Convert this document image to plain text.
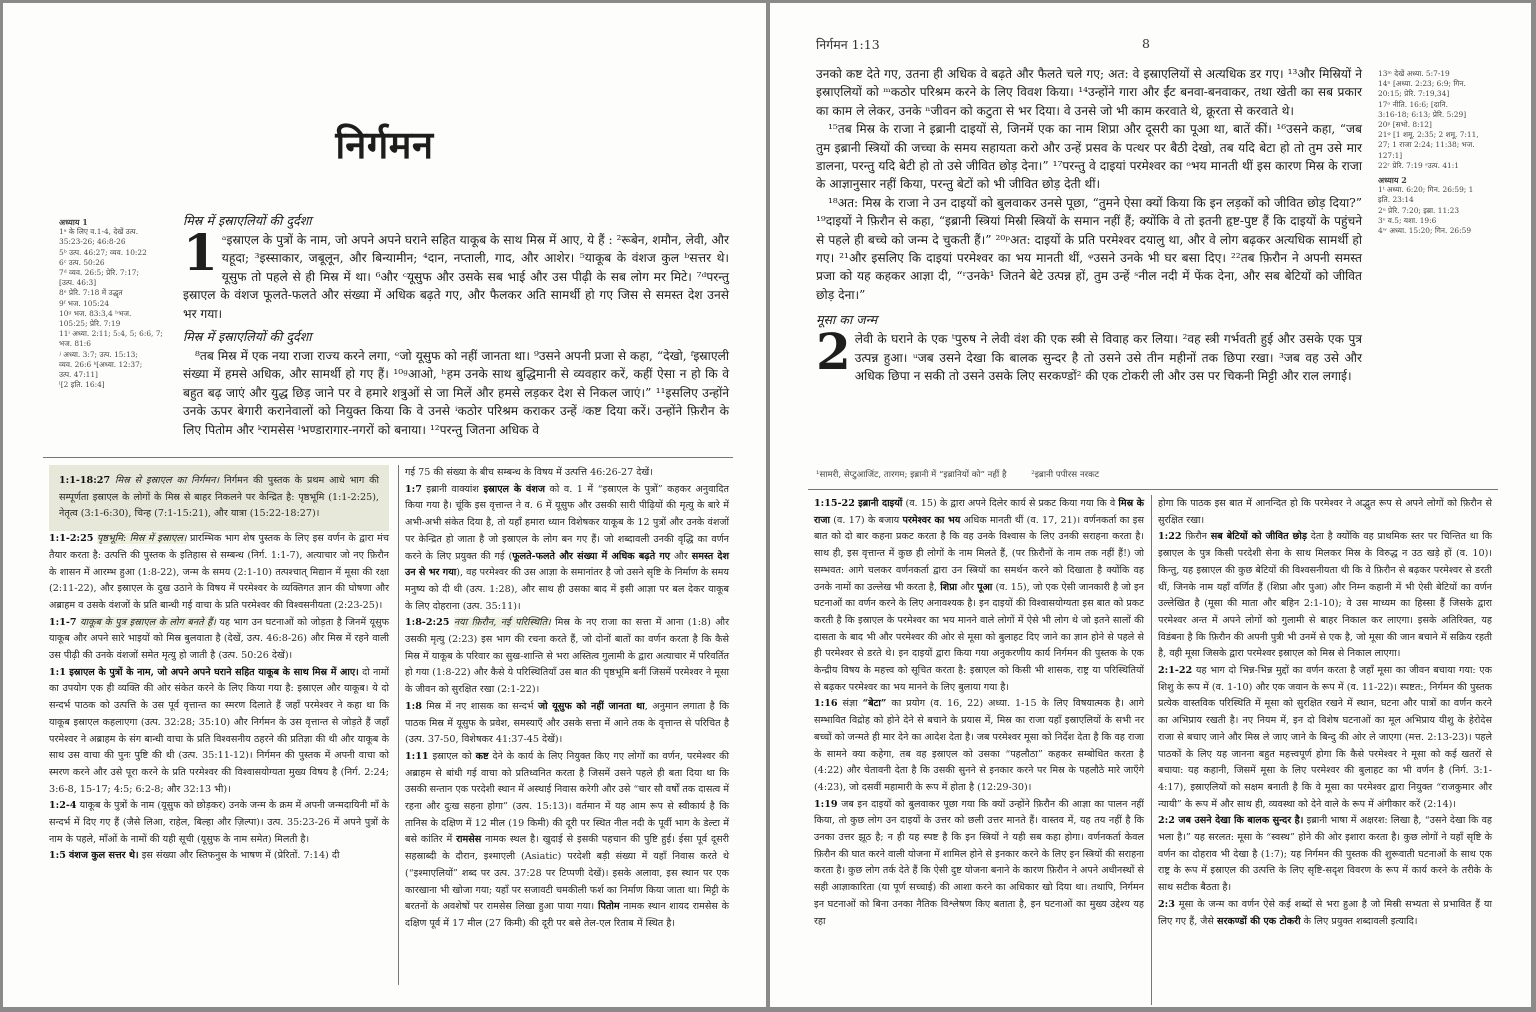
निर्गमन
अध्याय 1
1ᵃ के लिए व.1-4, देखें उत्प.
35:23-26; 46:8-26
5ᵇ उत्प. 46:27; व्यव. 10:22
6ᶜ उत्प. 50:26
7ᵈ व्यव. 26:5; प्रेरि. 7:17;
[उत्प. 46:3]
8ᵉ प्रेरि. 7:18 में उद्धृत
9ᶠ भज. 105:24
10ᵍ भज. 83:3,4 ʰभज.
105:25; प्रेरि. 7:19
11ⁱ अध्या. 2:11; 5:4, 5; 6:6, 7;
भज. 81:6
ʲ अध्या. 3:7; उत्प. 15:13;
व्यव. 26:6 ᵏ[अध्या. 12:37;
उत्प. 47:11]
ˡ[2 इति. 16:4]
मिस्र में इस्राएलियों की दुर्दशा

1 ᵃइस्राएल के पुत्रों के नाम, जो अपने अपने घराने सहित याकूब के साथ मिस्र में आए, ये हैं : ²रूबेन, शमौन, लेवी, और यहूदा; ³इस्साकार, जबूलून, और बिन्यामीन; ⁴दान, नप्ताली, गाद, और आशेर। ⁵याकूब के वंशज कुल ᵇसत्तर थे। यूसुफ तो पहले से ही मिस्र में था। ⁶और ᶜयूसुफ और उसके सब भाई और उस पीढ़ी के सब लोग मर मिटे। ⁷ᵈपरन्तु इस्राएल के वंशज फूलते-फलते और संख्या में अधिक बढ़ते गए, और फैलकर अति सामर्थी हो गए जिस से समस्त देश उनसे भर गया।

मिस्र में इस्राएलियों की दुर्दशा

⁸तब मिस्र में एक नया राजा राज्य करने लगा, ᵉजो यूसुफ को नहीं जानता था। ⁹उसने अपनी प्रजा से कहा, “देखो, ᶠइस्राएली संख्या में हमसे अधिक, और सामर्थी हो गए हैं। ¹⁰ᵍआओ, ʰहम उनके साथ बुद्धिमानी से व्यवहार करें, कहीं ऐसा न हो कि वे बहुत बढ़ जाएं और युद्ध छिड़ जाने पर वे हमारे शत्रुओं से जा मिलें और हमसे लड़कर देश से निकल जाएं।” ¹¹इसलिए उन्होंने उनके ऊपर बेगारी करानेवालों को नियुक्त किया कि वे उनसे ⁱकठोर परिश्रम कराकर उन्हें ʲकष्ट दिया करें। उन्होंने फ़िरौन के लिए पितोम और ᵏरामसेस ˡभण्डारागार-नगरों को बनाया। ¹²परन्तु जितना अधिक वे

1:1-18:27 मिस्र से इस्राएल का निर्गमन। निर्गमन की पुस्तक के प्रथम आधे भाग की सम्पूर्णता इस्राएल के लोगों के मिस्र से बाहर निकलने पर केन्द्रित है: पृष्ठभूमि (1:1-2:25), नेतृत्व (3:1-6:30), चिन्ह (7:1-15:21), और यात्रा (15:22-18:27)।

1:1-2:25 पृष्ठभूमि: मिस्र में इस्राएल। प्रारम्भिक भाग शेष पुस्तक के लिए इस वर्णन के द्वारा मंच तैयार करता है: उत्पत्ति की पुस्तक के इतिहास से सम्बन्ध (निर्ग. 1:1-7), अत्याचार जो नए फ़िरौन के शासन में आरम्भ हुआ (1:8-22), जन्म के समय (2:1-10) तत्पश्चात् मिद्यान में मूसा की रक्षा (2:11-22), और इस्राएल के दुख उठाने के विषय में परमेश्वर के व्यक्तिगत ज्ञान की घोषणा और अब्राहम व उसके वंशजों के प्रति बान्धी गई वाचा के प्रति परमेश्वर की विश्वसनीयता (2:23-25)।

1:1-7 याकूब के पुत्र इस्राएल के लोग बनते हैं। यह भाग उन घटनाओं को जोड़ता है जिनमें यूसुफ याकूब और अपने सारे भाइयों को मिस्र बुलवाता है (देखें, उत्प. 46:8-26) और मिस्र में रहने वाली उस पीढ़ी की उनके वंशजों समेत मृत्यु हो जाती है (उत्प. 50:26 देखें)।

1:1 इस्राएल के पुत्रों के नाम, जो अपने अपने घराने सहित याकूब के साथ मिस्र में आए। दो नामों का उपयोग एक ही व्यक्ति की ओर संकेत करने के लिए किया गया है: इस्राएल और याकूब। ये दो सन्दर्भ पाठक को उत्पत्ति के उस पूर्व वृत्तान्त का स्मरण दिलाते हैं जहाँ परमेश्वर ने कहा था कि याकूब इस्राएल कहलाएगा (उत्प. 32:28; 35:10) और निर्गमन के उस वृत्तान्त से जोड़ते हैं जहाँ परमेश्वर ने अब्राहम के संग बान्धी वाचा के प्रति विश्वसनीय ठहरने की प्रतिज्ञा की थी और याकूब के साथ उस वाचा की पुनः पुष्टि की थी (उत्प. 35:11-12)। निर्गमन की पुस्तक में अपनी वाचा को स्मरण करने और उसे पूरा करने के प्रति परमेश्वर की विश्वासयोग्यता मुख्य विषय है (निर्ग. 2:24; 3:6-8, 15-17; 4:5; 6:2-8; और 32:13 भी)।

1:2-4 याकूब के पुत्रों के नाम (यूसुफ को छोड़कर) उनके जन्म के क्रम में अपनी जन्मदायिनी माँ के सन्दर्भ में दिए गए हैं (जैसे लिआ, राहेल, बिल्हा और ज़िल्पा)। उत्प. 35:23-26 में अपने पुत्रों के नाम के पहले, माँओं के नामों की यही सूची (यूसुफ के नाम समेत) मिलती है।

1:5 वंशज कुल सत्तर थे। इस संख्या और स्तिफनुस के भाषण में (प्रेरितों. 7:14) दी

गई 75 की संख्या के बीच सम्बन्ध के विषय में उत्पत्ति 46:26-27 देखें।

1:7 इब्रानी वाक्यांश इस्राएल के वंशज को व. 1 में “इस्राएल के पुत्रों” कहकर अनुवादित किया गया है। चूंकि इस वृत्तान्त ने व. 6 में यूसुफ और उसकी सारी पीढ़ियों की मृत्यु के बारे में अभी-अभी संकेत दिया है, तो यहाँ हमारा ध्यान विशेषकर याकूब के 12 पुत्रों और उनके वंशजों पर केन्द्रित हो जाता है जो इस्राएल के लोग बन गए हैं। जो शब्दावली उनकी वृद्धि का वर्णन करने के लिए प्रयुक्त की गई (फूलते-फलते और संख्या में अधिक बढ़ते गए और समस्त देश उन से भर गया), वह परमेश्वर की उस आज्ञा के समानांतर है जो उसने सृष्टि के निर्माण के समय मनुष्य को दी थी (उत्प. 1:28), और साथ ही उसका बाद में इसी आज्ञा पर बल देकर याकूब के लिए दोहराना (उत्प. 35:11)।

1:8-2:25 नया फ़िरौन, नई परिस्थिति। मिस्र के नए राजा का सत्ता में आना (1:8) और उसकी मृत्यु (2:23) इस भाग की रचना करते हैं, जो दोनों बातों का वर्णन करता है कि कैसे मिस्र में याकूब के परिवार का सुख-शान्ति से भरा अस्तित्व गुलामी के द्वारा अत्याचार में परिवर्तित हो गया (1:8-22) और कैसे ये परिस्थितियाँ उस बात की पृष्ठभूमि बनीं जिसमें परमेश्वर ने मूसा के जीवन को सुरक्षित रखा (2:1-22)।

1:8 मिस्र में नए शासक का सन्दर्भ जो यूसुफ को नहीं जानता था, अनुमान लगाता है कि पाठक मिस्र में यूसुफ के प्रवेश, समस्याएँ और उसके सत्ता में आने तक के वृत्तान्त से परिचित है (उत्प. 37-50, विशेषकर 41:37-45 देखें)।

1:11 इस्राएल को कष्ट देने के कार्य के लिए नियुक्त किए गए लोगों का वर्णन, परमेश्वर की अब्राहम से बांधी गई वाचा को प्रतिध्वनित करता है जिसमें उसने पहले ही बता दिया था कि उसकी सन्तान एक परदेशी स्थान में अस्थाई निवास करेगी और उसे “चार सौ वर्षों तक दासत्व में रहना और दुःख सहना होगा” (उत्प. 15:13)। वर्तमान में यह आम रूप से स्वीकार्य है कि तानिस के दक्षिण में 12 मील (19 किमी) की दूरी पर स्थित नील नदी के पूर्वी भाग के डेल्टा में बसे कांतिर में रामसेस नामक स्थल है। खुदाई से इसकी पहचान की पुष्टि हुई। ईसा पूर्व दूसरी सहस्राब्दी के दौरान, इश्माएली (Asiatic) परदेशी बड़ी संख्या में यहाँ निवास करते थे (“इश्माएलियों” शब्द पर उत्प. 37:28 पर टिप्पणी देखें)। इसके अलावा, इस स्थान पर एक कारखाना भी खोजा गया; यहाँ पर सजावटी चमकीली फर्श का निर्माण किया जाता था। मिट्टी के बरतनों के अवशेषों पर रामसेस लिखा हुआ पाया गया। पितोम नामक स्थान शायद रामसेस के दक्षिण पूर्व में 17 मील (27 किमी) की दूरी पर बसे तेल-एल रिताब में स्थित है।

निर्गमन 1:13	8

उनको कष्ट देते गए, उतना ही अधिक वे बढ़ते और फैलते चले गए; अत: वे इस्राएलियों से अत्यधिक डर गए। ¹³और मिस्रियों ने इस्राएलियों को ᵐकठोर परिश्रम करने के लिए विवश किया। ¹⁴उन्होंने गारा और ईंट बनवा-बनवाकर, तथा खेती का सब प्रकार का काम ले लेकर, उनके ⁿजीवन को कटुता से भर दिया। वे उनसे जो भी काम करवाते थे, क्रूरता से करवाते थे।

¹⁵तब मिस्र के राजा ने इब्रानी दाइयों से, जिनमें एक का नाम शिप्रा और दूसरी का पूआ था, बातें कीं। ¹⁶उसने कहा, “जब तुम इब्रानी स्त्रियों की जच्चा के समय सहायता करो और उन्हें प्रसव के पत्थर पर बैठी देखो, तब यदि बेटा हो तो तुम उसे मार डालना, परन्तु यदि बेटी हो तो उसे जीवित छोड़ देना।” ¹⁷परन्तु वे दाइयां परमेश्वर का ᵒभय मानती थीं इस कारण मिस्र के राजा के आज्ञानुसार नहीं किया, परन्तु बेटों को भी जीवित छोड़ देती थीं।

¹⁸अत: मिस्र के राजा ने उन दाइयों को बुलवाकर उनसे पूछा, “तुमने ऐसा क्यों किया कि इन लड़कों को जीवित छोड़ दिया?” ¹⁹दाइयों ने फ़िरौन से कहा, “इब्रानी स्त्रियां मिस्री स्त्रियों के समान नहीं हैं; क्योंकि वे तो इतनी हृष्ट-पुष्ट हैं कि दाइयों के पहुंचने से पहले ही बच्चे को जन्म दे चुकती हैं।” ²⁰ᵖअत: दाइयों के प्रति परमेश्वर दयालु था, और वे लोग बढ़कर अत्यधिक सामर्थी हो गए। ²¹और इसलिए कि दाइयां परमेश्वर का भय मानती थीं, ᵠउसने उनके भी घर बसा दिए। ²²तब फ़िरौन ने अपनी समस्त प्रजा को यह कहकर आज्ञा दी, “ʳउनके¹ जितने बेटे उत्पन्न हों, तुम उन्हें ˢनील नदी में फेंक देना, और सब बेटियों को जीवित छोड़ देना।”

मूसा का जन्म

2 लेवी के घराने के एक ᵗपुरुष ने लेवी वंश की एक स्त्री से विवाह कर लिया। ²वह स्त्री गर्भवती हुई और उसके एक पुत्र उत्पन्न हुआ। ᵘजब उसने देखा कि बालक सुन्दर है तो उसने उसे तीन महीनों तक छिपा रखा। ³जब वह उसे और अधिक छिपा न सकी तो उसने उसके लिए सरकण्डों² की एक टोकरी ली और उस पर चिकनी मिट्टी और राल लगाई।

13ᵐ देखें अध्या. 5:7-19
14ⁿ [अध्या. 2:23; 6:9; गिन.
20:15; प्रेरि. 7:19,34]
17ᵒ नीति. 16:6; [दानि.
3:16-18; 6:13; प्रेरि. 5:29]
20ᵖ [सभो. 8:12]
21ᵠ [1 शमू. 2:35; 2 शमू. 7:11,
27; 1 राजा 2:24; 11:38; भज.
127:1]
22ʳ प्रेरि. 7:19 ˢउत्प. 41:1
अध्याय 2
1ᵗ अध्या. 6:20; गिन. 26:59; 1
इति. 23:14
2ᵘ प्रेरि. 7:20; इब्रा. 11:23
3ᵛ व.5; यशा. 19:6
4ʷ अध्या. 15:20; गिन. 26:59
¹सामरी, सेप्टुआजिंट, तारगम; इब्रानी में “इब्रानियों को” नहीं है	²इब्रानी पपीरस नरकट

1:15-22 इब्रानी दाइयों (व. 15) के द्वारा अपने दिलेर कार्य से प्रकट किया गया कि वे मिस्र के राजा (व. 17) के बजाय परमेश्वर का भय अधिक मानती थीं (व. 17, 21)। वर्णनकर्ता का इस बात को दो बार कहना प्रकट करता है कि वह उनके विश्वास के लिए उनकी सराहना करता है। साथ ही, इस वृत्तान्त में कुछ ही लोगों के नाम मिलते हैं, (पर फ़िरौनों के नाम तक नहीं हैं!) जो सम्भवत: आगे चलकर वर्णनकर्ता द्वारा उन स्त्रियों का समर्थन करने को दिखाता है क्योंकि वह उनके नामों का उल्लेख भी करता है, शिप्रा और पूआ (व. 15), जो एक ऐसी जानकारी है जो इन घटनाओं का वर्णन करने के लिए अनावश्यक है। इन दाइयों की विश्वासयोग्यता इस बात को प्रकट करती है कि इस्राएल के परमेश्वर का भय मानने वाले लोगों में ऐसे भी लोग थे जो इतने सालों की दासता के बाद भी और परमेश्वर की ओर से मूसा को बुलाहट दिए जाने का ज्ञान होने से पहले से ही परमेश्वर से डरते थे। इन दाइयों द्वारा किया गया अनुकरणीय कार्य निर्गमन की पुस्तक के एक केन्द्रीय विषय के महत्त्व को सूचित करता है: इस्राएल को किसी भी शासक, राष्ट्र या परिस्थितियों से बढ़कर परमेश्वर का भय मानने के लिए बुलाया गया है।

1:16 संज्ञा “बेटा” का प्रयोग (व. 16, 22) अध्या. 1-15 के लिए विषयात्मक है। आगे सम्भावित विद्रोह को होने देने से बचाने के प्रयास में, मिस्र का राजा यहाँ इस्राएलियों के सभी नर बच्चों को जन्मते ही मार देने का आदेश देता है। जब परमेश्वर मूसा को निर्देश देता है कि वह राजा के सामने क्या कहेगा, तब वह इस्राएल को उसका “पहलौठा” कहकर सम्बोधित करता है (4:22) और चेतावनी देता है कि उसकी सुनने से इनकार करने पर मिस्र के पहलौठे मारे जाएँगे (4:23), जो दसवीं महामारी के रूप में होता है (12:29-30)।

1:19 जब इन दाइयों को बुलवाकर पूछा गया कि क्यों उन्होंने फ़िरौन की आज्ञा का पालन नहीं किया, तो कुछ लोग उन दाइयों के उत्तर को छली उत्तर मानते हैं। वास्तव में, यह तय नहीं है कि उनका उत्तर झूठ है; न ही यह स्पष्ट है कि इन स्त्रियों ने यही सब कहा होगा। वर्णनकर्ता केवल फ़िरौन की घात करने वाली योजना में शामिल होने से इनकार करने के लिए इन स्त्रियों की सराहना करता है। कुछ लोग तर्क देते हैं कि ऐसी दुष्ट योजना बनाने के कारण फ़िरौन ने अपने अधीनस्थों से सही आज्ञाकारिता (या पूर्ण सच्चाई) की आशा करने का अधिकार खो दिया था। तथापि, निर्गमन इन घटनाओं को बिना उनका नैतिक विश्लेषण किए बताता है, इन घटनाओं का मुख्य उद्देश्य यह रहा

होगा कि पाठक इस बात में आनन्दित हो कि परमेश्वर ने अद्भुत रूप से अपने लोगों को फ़िरौन से सुरक्षित रखा।

1:22 फ़िरौन सब बेटियों को जीवित छोड़ देता है क्योंकि वह प्राथमिक स्तर पर चिन्तित था कि इस्राएल के पुत्र किसी परदेशी सेना के साथ मिलकर मिस्र के विरुद्ध न उठ खड़े हों (व. 10)। किन्तु, यह इस्राएल की कुछ बेटियों की विश्वसनीयता थी कि वे फ़िरौन से बढ़कर परमेश्वर से डरती थीं, जिनके नाम यहाँ वर्णित हैं (शिप्रा और पुआ) और निम्न कहानी में भी ऐसी बेटियों का वर्णन उल्लेखित है (मूसा की माता और बहिन 2:1-10); वे उस माध्यम का हिस्सा हैं जिसके द्वारा परमेश्वर अन्त में अपने लोगों को गुलामी से बाहर निकाल कर लाएगा। इसके अतिरिक्त, यह विडंबना है कि फ़िरौन की अपनी पुत्री भी उनमें से एक है, जो मूसा की जान बचाने में सक्रिय रहती है, वही मूसा जिसके द्वारा परमेश्वर इस्राएल को मिस्र से निकाल लाएगा।

2:1-22 यह भाग दो भिन्न-भिन्न मुद्दों का वर्णन करता है जहाँ मूसा का जीवन बचाया गया: एक शिशु के रूप में (व. 1-10) और एक जवान के रूप में (व. 11-22)। स्पष्टत:, निर्गमन की पुस्तक प्रत्येक वास्तविक परिस्थिति में मूसा को सुरक्षित रखने में स्थान, घटना और पात्रों का वर्णन करने का अभिप्राय रखती है। नए नियम में, इन दो विशेष घटनाओं का मूल अभिप्राय यीशु के हेरोदेस राजा से बचाए जाने और मिस्र ले जाए जाने के बिन्दु की ओर ले जाएगा (मत्त. 2:13-23)। पहले पाठकों के लिए यह जानना बहुत महत्त्वपूर्ण होगा कि कैसे परमेश्वर ने मूसा को कई खतरों से बचाया: यह कहानी, जिसमें मूसा के लिए परमेश्वर की बुलाहट का भी वर्णन है (निर्ग. 3:1-4:17), इस्राएलियों को सक्षम बनाती है कि वे मूसा का परमेश्वर द्वारा नियुक्त “राजकुमार और न्यायी” के रूप में और साथ ही, व्यवस्था को देने वाले के रूप में अंगीकार करें (2:14)।

2:2 जब उसने देखा कि बालक सुन्दर है। इब्रानी भाषा में अक्षरश: लिखा है, “उसने देखा कि वह भला है।” यह सरलत: मूसा के “स्वस्थ” होने की ओर इशारा करता है। कुछ लोगों ने यहाँ सृष्टि के वर्णन का दोहराव भी देखा है (1:7); यह निर्गमन की पुस्तक की शुरूवाती घटनाओं के साथ एक राष्ट्र के रूप में इस्राएल की उत्पत्ति के लिए सृष्टि-सदृश विवरण के रूप में कार्य करने के तरीके के साथ सटीक बैठता है।

2:3 मूसा के जन्म का वर्णन ऐसे कई शब्दों से भरा हुआ है जो मिस्री सभ्यता से प्रभावित हैं या लिए गए हैं, जैसे सरकण्डों की एक टोकरी के लिए प्रयुक्त शब्दावली इत्यादि।
